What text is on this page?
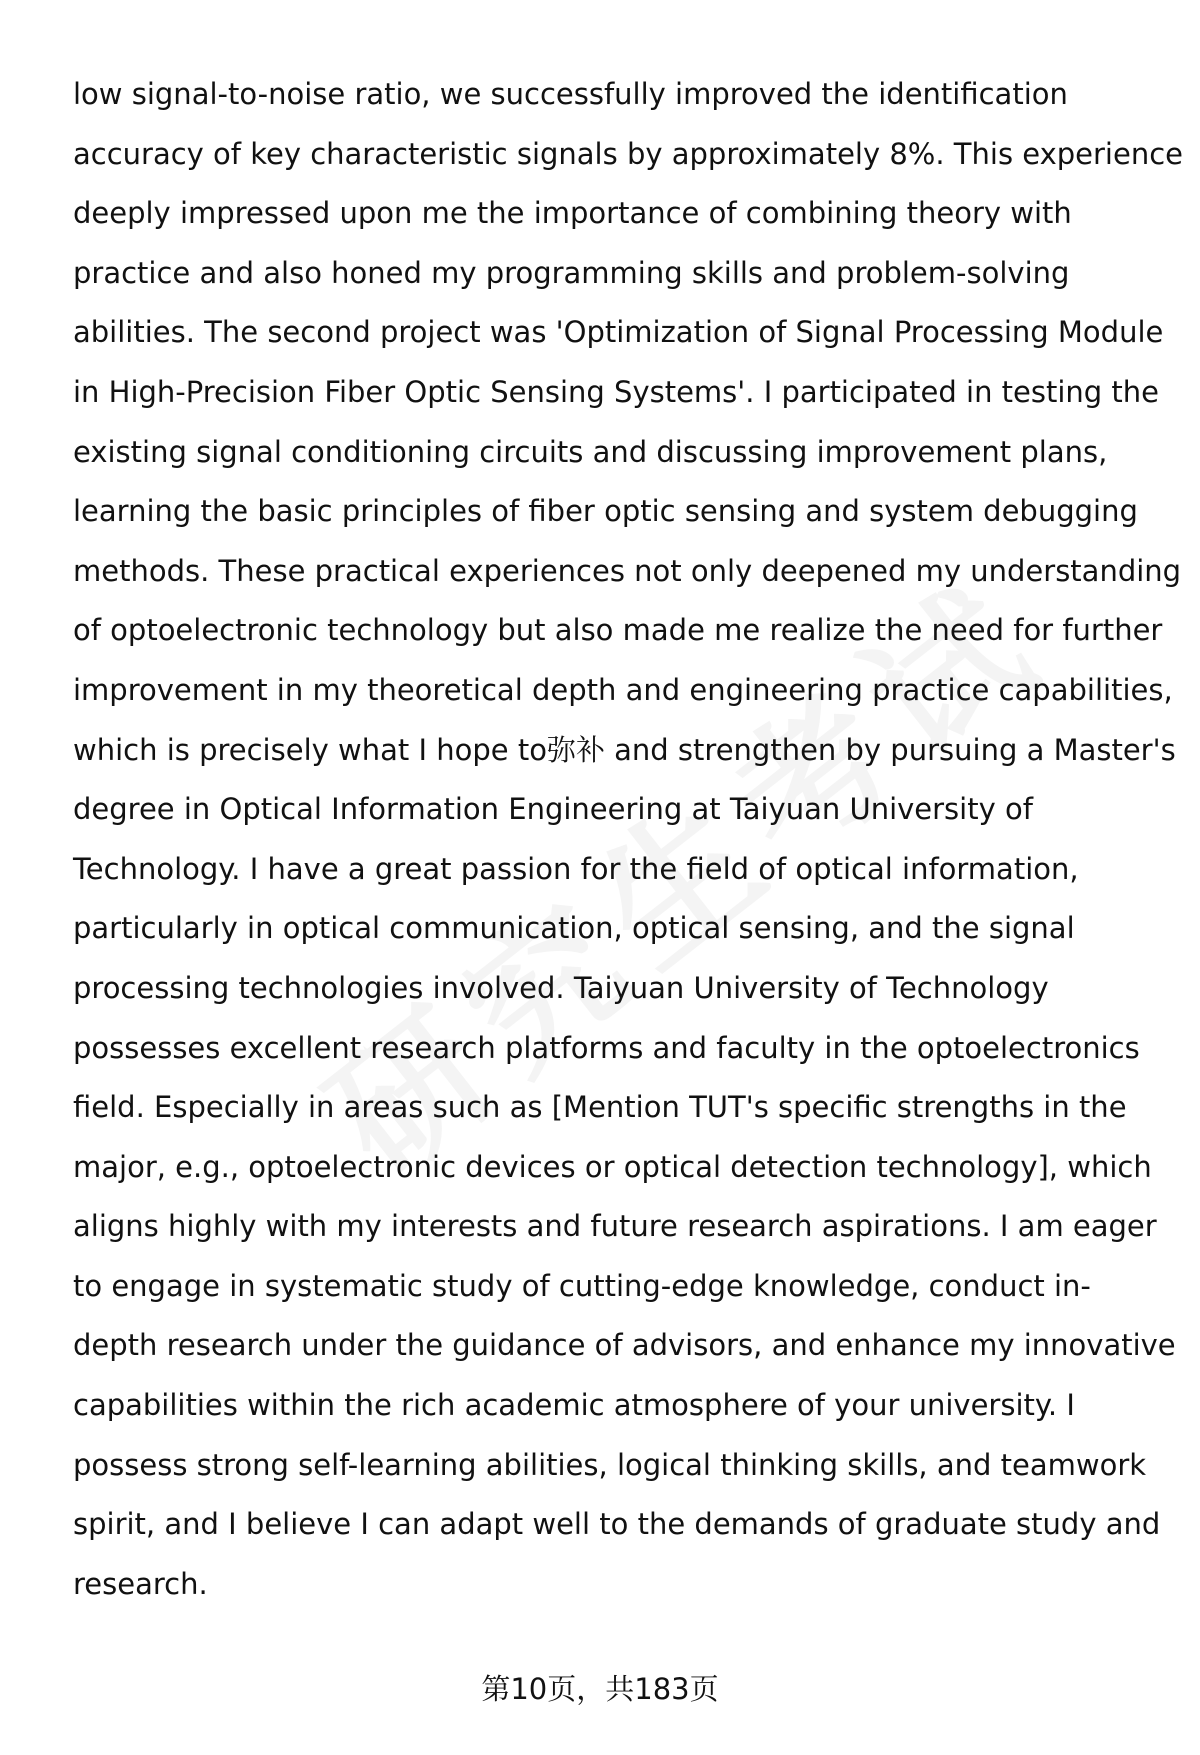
low signal-to-noise ratio, we successfully improved the identification
accuracy of key characteristic signals by approximately 8%. This experience
deeply impressed upon me the importance of combining theory with
practice and also honed my programming skills and problem-solving
abilities. The second project was 'Optimization of Signal Processing Module
in High-Precision Fiber Optic Sensing Systems'. I participated in testing the
existing signal conditioning circuits and discussing improvement plans,
learning the basic principles of fiber optic sensing and system debugging
methods. These practical experiences not only deepened my understanding
of optoelectronic technology but also made me realize the need for further
improvement in my theoretical depth and engineering practice capabilities,
which is precisely what I hope to弥补 and strengthen by pursuing a Master's
degree in Optical Information Engineering at Taiyuan University of
Technology. I have a great passion for the field of optical information,
particularly in optical communication, optical sensing, and the signal
processing technologies involved. Taiyuan University of Technology
possesses excellent research platforms and faculty in the optoelectronics
field. Especially in areas such as [Mention TUT's specific strengths in the
major, e.g., optoelectronic devices or optical detection technology], which
aligns highly with my interests and future research aspirations. I am eager
to engage in systematic study of cutting-edge knowledge, conduct in-
depth research under the guidance of advisors, and enhance my innovative
capabilities within the rich academic atmosphere of your university. I
possess strong self-learning abilities, logical thinking skills, and teamwork
spirit, and I believe I can adapt well to the demands of graduate study and
research.
第10页，共183页
